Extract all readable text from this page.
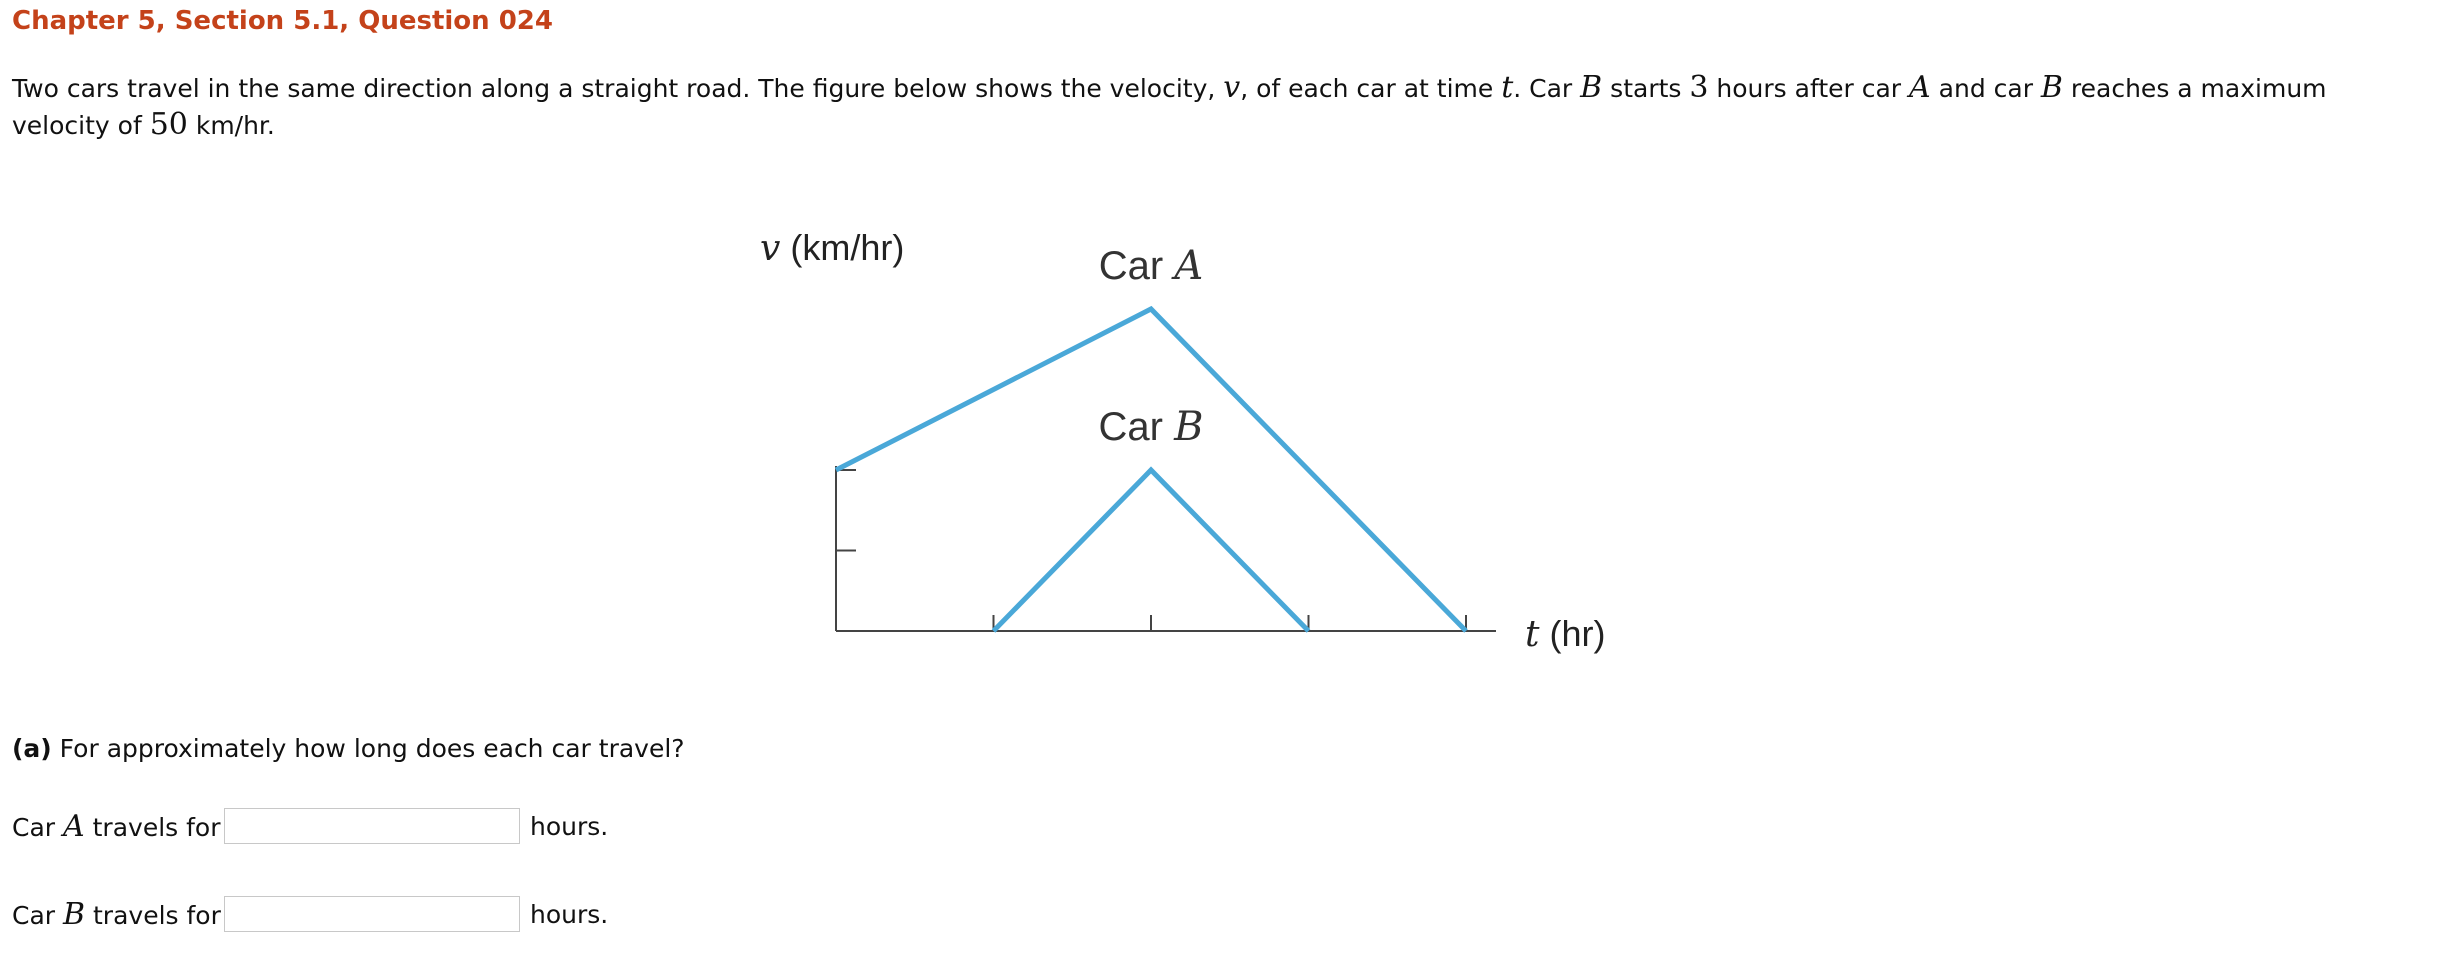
Chapter 5, Section 5.1, Question 024
Two cars travel in the same direction along a straight road. The figure below shows the velocity, v, of each car at time t. Car B starts 3 hours after car A and car B reaches a maximum velocity of 50 km/hr.
v (km/hr)
t (hr)
Car A
Car B
(a) For approximately how long does each car travel?
Car A travels for	hours.
Car B travels for	hours.
